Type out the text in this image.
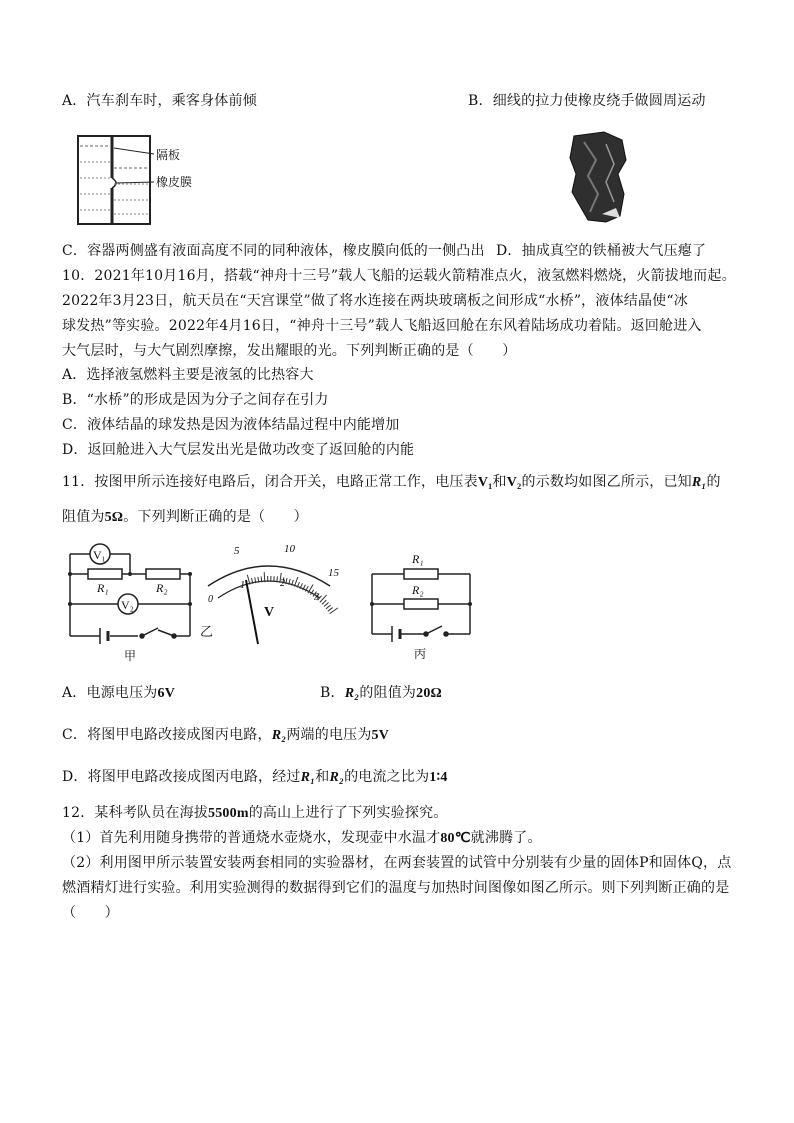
A．汽车刹车时，乘客身体前倾	B．细线的拉力使橡皮绕手做圆周运动
隔板
橡皮膜
C．容器两侧盛有液面高度不同的同种液体，橡皮膜向低的一侧凸出 D．抽成真空的铁桶被大气压瘪了
10．2021年10月16月，搭载“神舟十三号”载人飞船的运载火箭精准点火，液氢燃料燃烧，火箭拔地而起。
2022年3月23日，航天员在“天宫课堂”做了将水连接在两块玻璃板之间形成“水桥”，液体结晶使“冰
球发热”等实验。2022年4月16日，“神舟十三号”载人飞船返回舱在东风着陆场成功着陆。返回舱进入
大气层时，与大气剧烈摩擦，发出耀眼的光。下列判断正确的是（　　）
A．选择液氢燃料主要是液氢的比热容大
B．“水桥”的形成是因为分子之间存在引力
C．液体结晶的球发热是因为液体结晶过程中内能增加
D．返回舱进入大气层发出光是做功改变了返回舱的内能
11．按图甲所示连接好电路后，闭合开关，电路正常工作，电压表V₁和V₂的示数均如图乙所示，已知R₁的
阻值为5Ω。下列判断正确的是（　　）
V₁
V₂
R₁	R₂
甲
5	10
15
0
1	2
3
V
乙
R₁
R₂
丙
A．电源电压为6V	B．R₂的阻值为20Ω
C．将图甲电路改接成图丙电路，R₂两端的电压为5V
D．将图甲电路改接成图丙电路，经过R₁和R₂的电流之比为1∶4
12．某科考队员在海拔5500m的高山上进行了下列实验探究。
（1）首先利用随身携带的普通烧水壶烧水，发现壶中水温才80℃就沸腾了。
（2）利用图甲所示装置安装两套相同的实验器材，在两套装置的试管中分别装有少量的固体P和固体Q，点
燃酒精灯进行实验。利用实验测得的数据得到它们的温度与加热时间图像如图乙所示。则下列判断正确的是
（　　）
